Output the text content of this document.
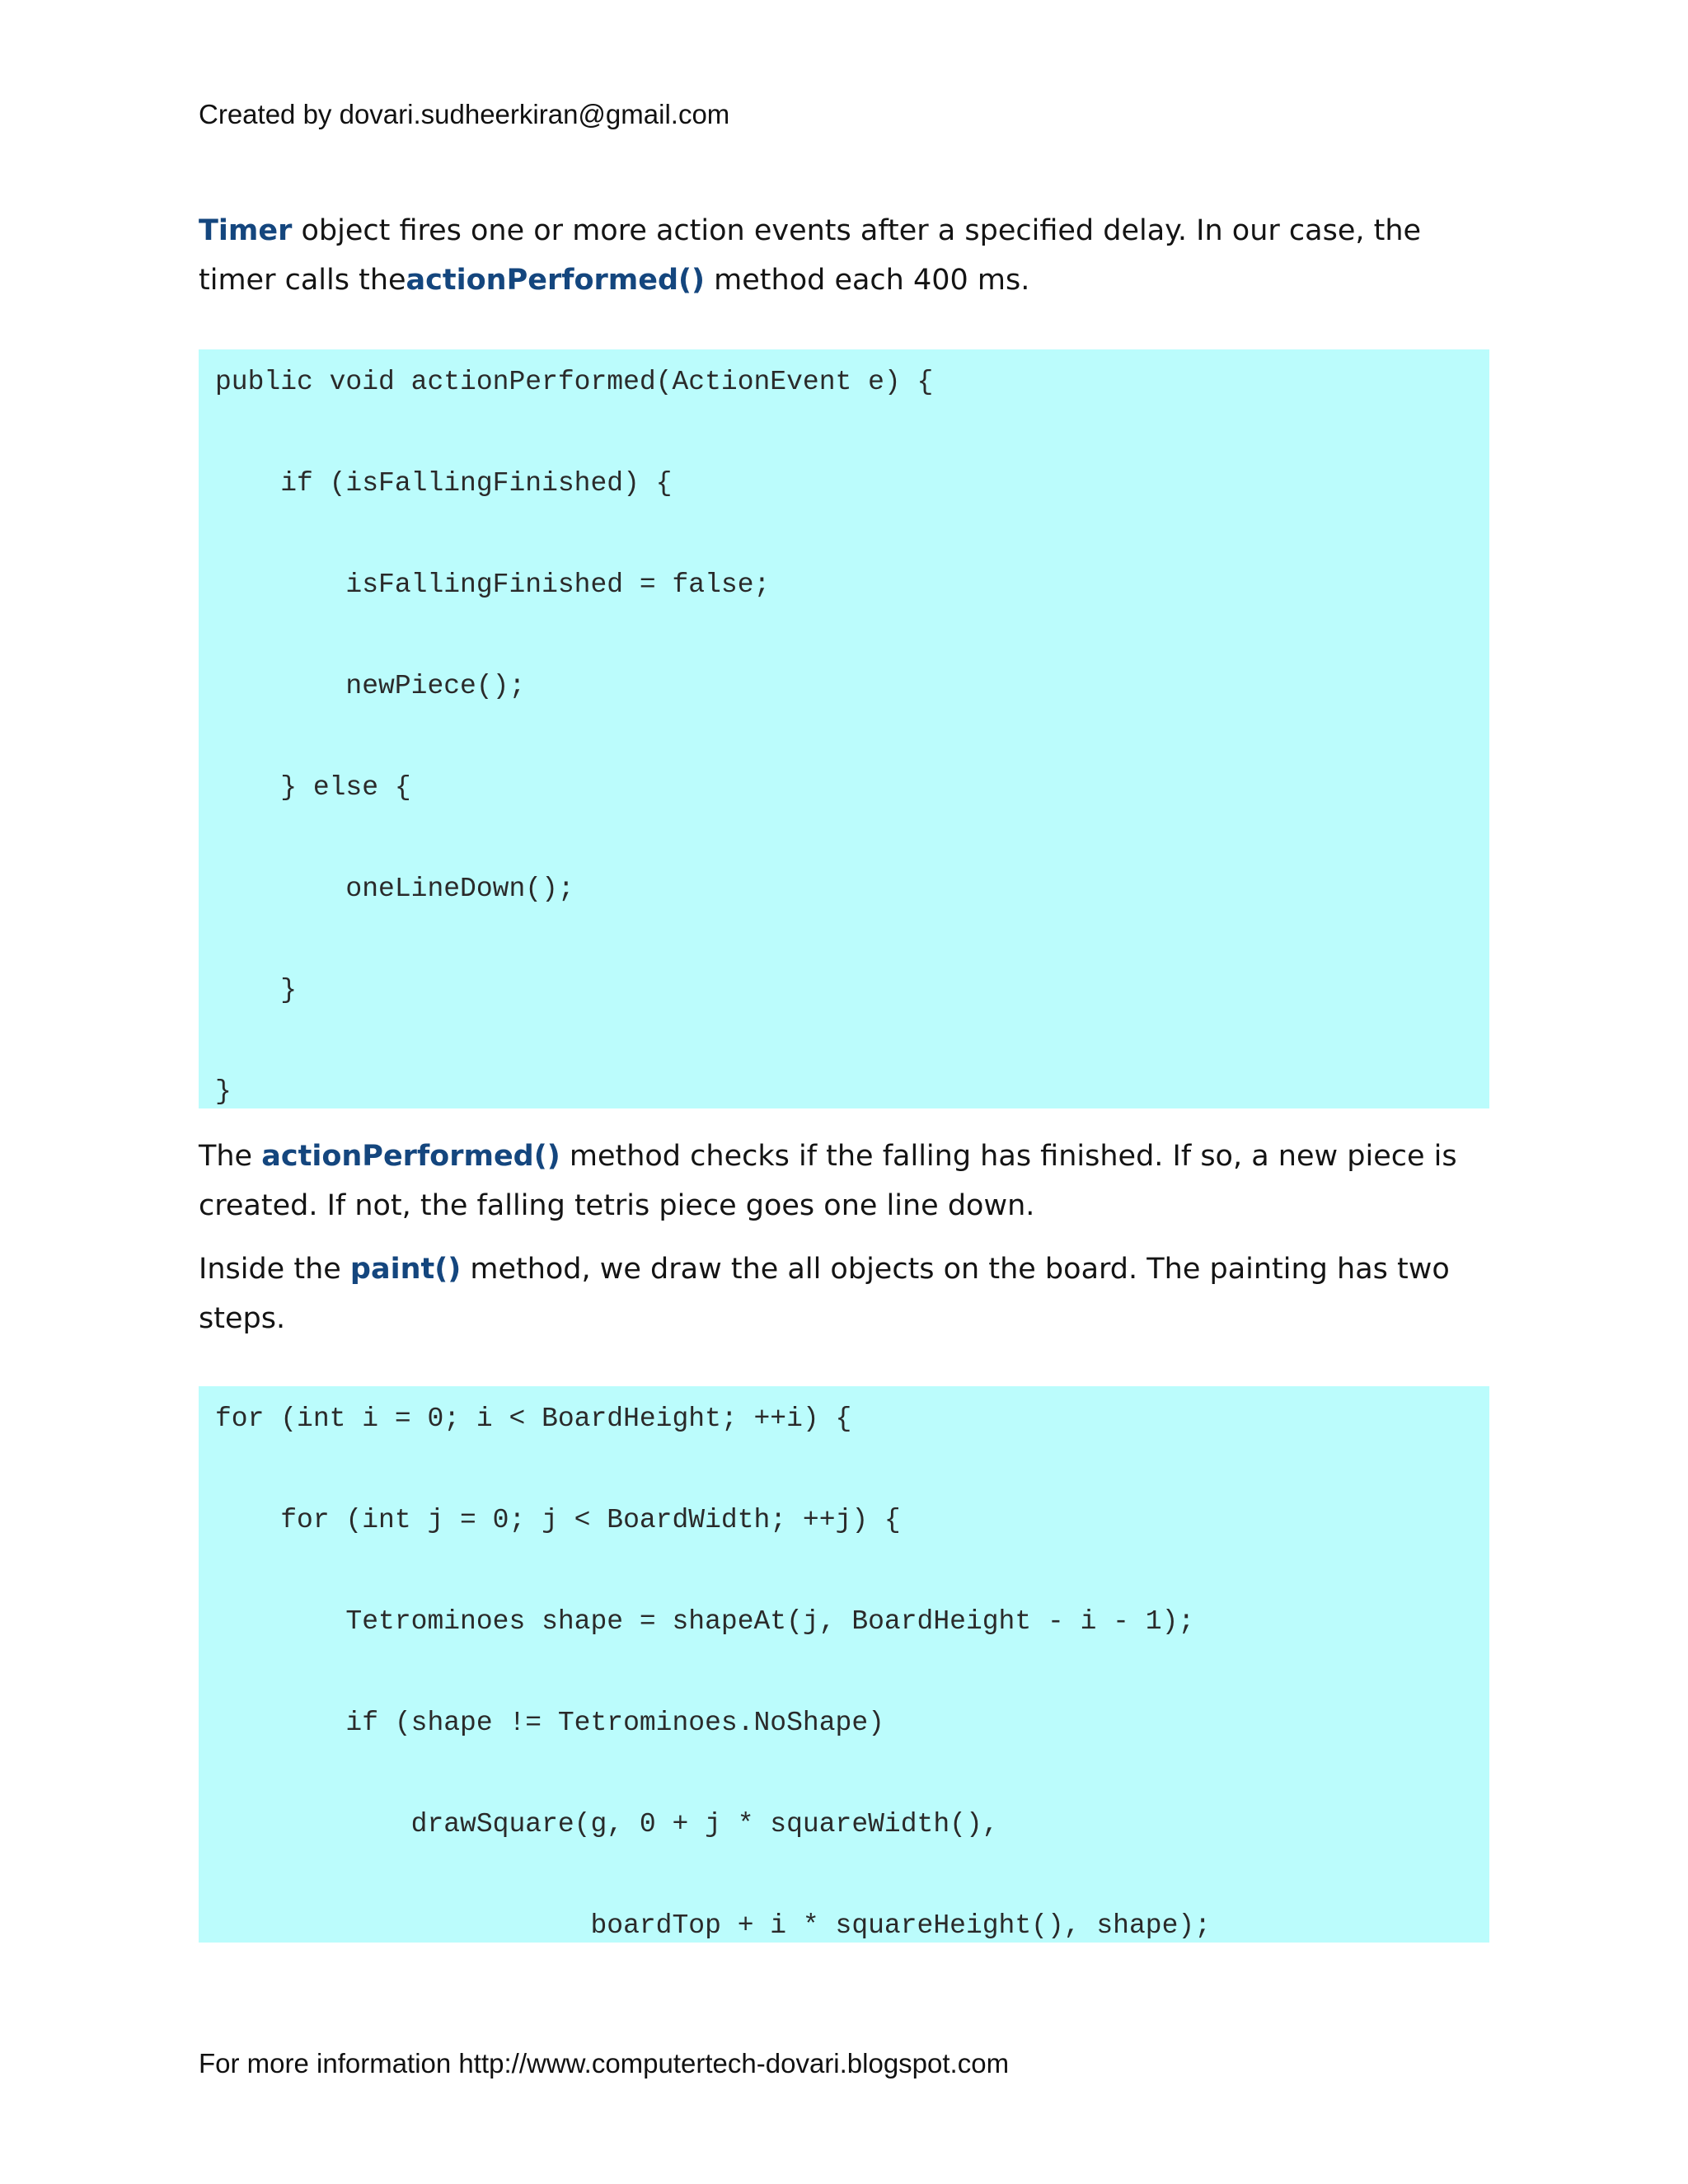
Created by dovari.sudheerkiran@gmail.com
Timer object fires one or more action events after a specified delay. In our case, the timer calls theactionPerformed() method each 400 ms.
public void actionPerformed(ActionEvent e) {
if (isFallingFinished) {
isFallingFinished = false;
newPiece();
} else {
oneLineDown();
}
}
The actionPerformed() method checks if the falling has finished. If so, a new piece is created. If not, the falling tetris piece goes one line down.
Inside the paint() method, we draw the all objects on the board. The painting has two steps.
for (int i = 0; i < BoardHeight; ++i) {
for (int j = 0; j < BoardWidth; ++j) {
Tetrominoes shape = shapeAt(j, BoardHeight - i - 1);
if (shape != Tetrominoes.NoShape)
drawSquare(g, 0 + j * squareWidth(),
boardTop + i * squareHeight(), shape);
For more information http://www.computertech-dovari.blogspot.com
